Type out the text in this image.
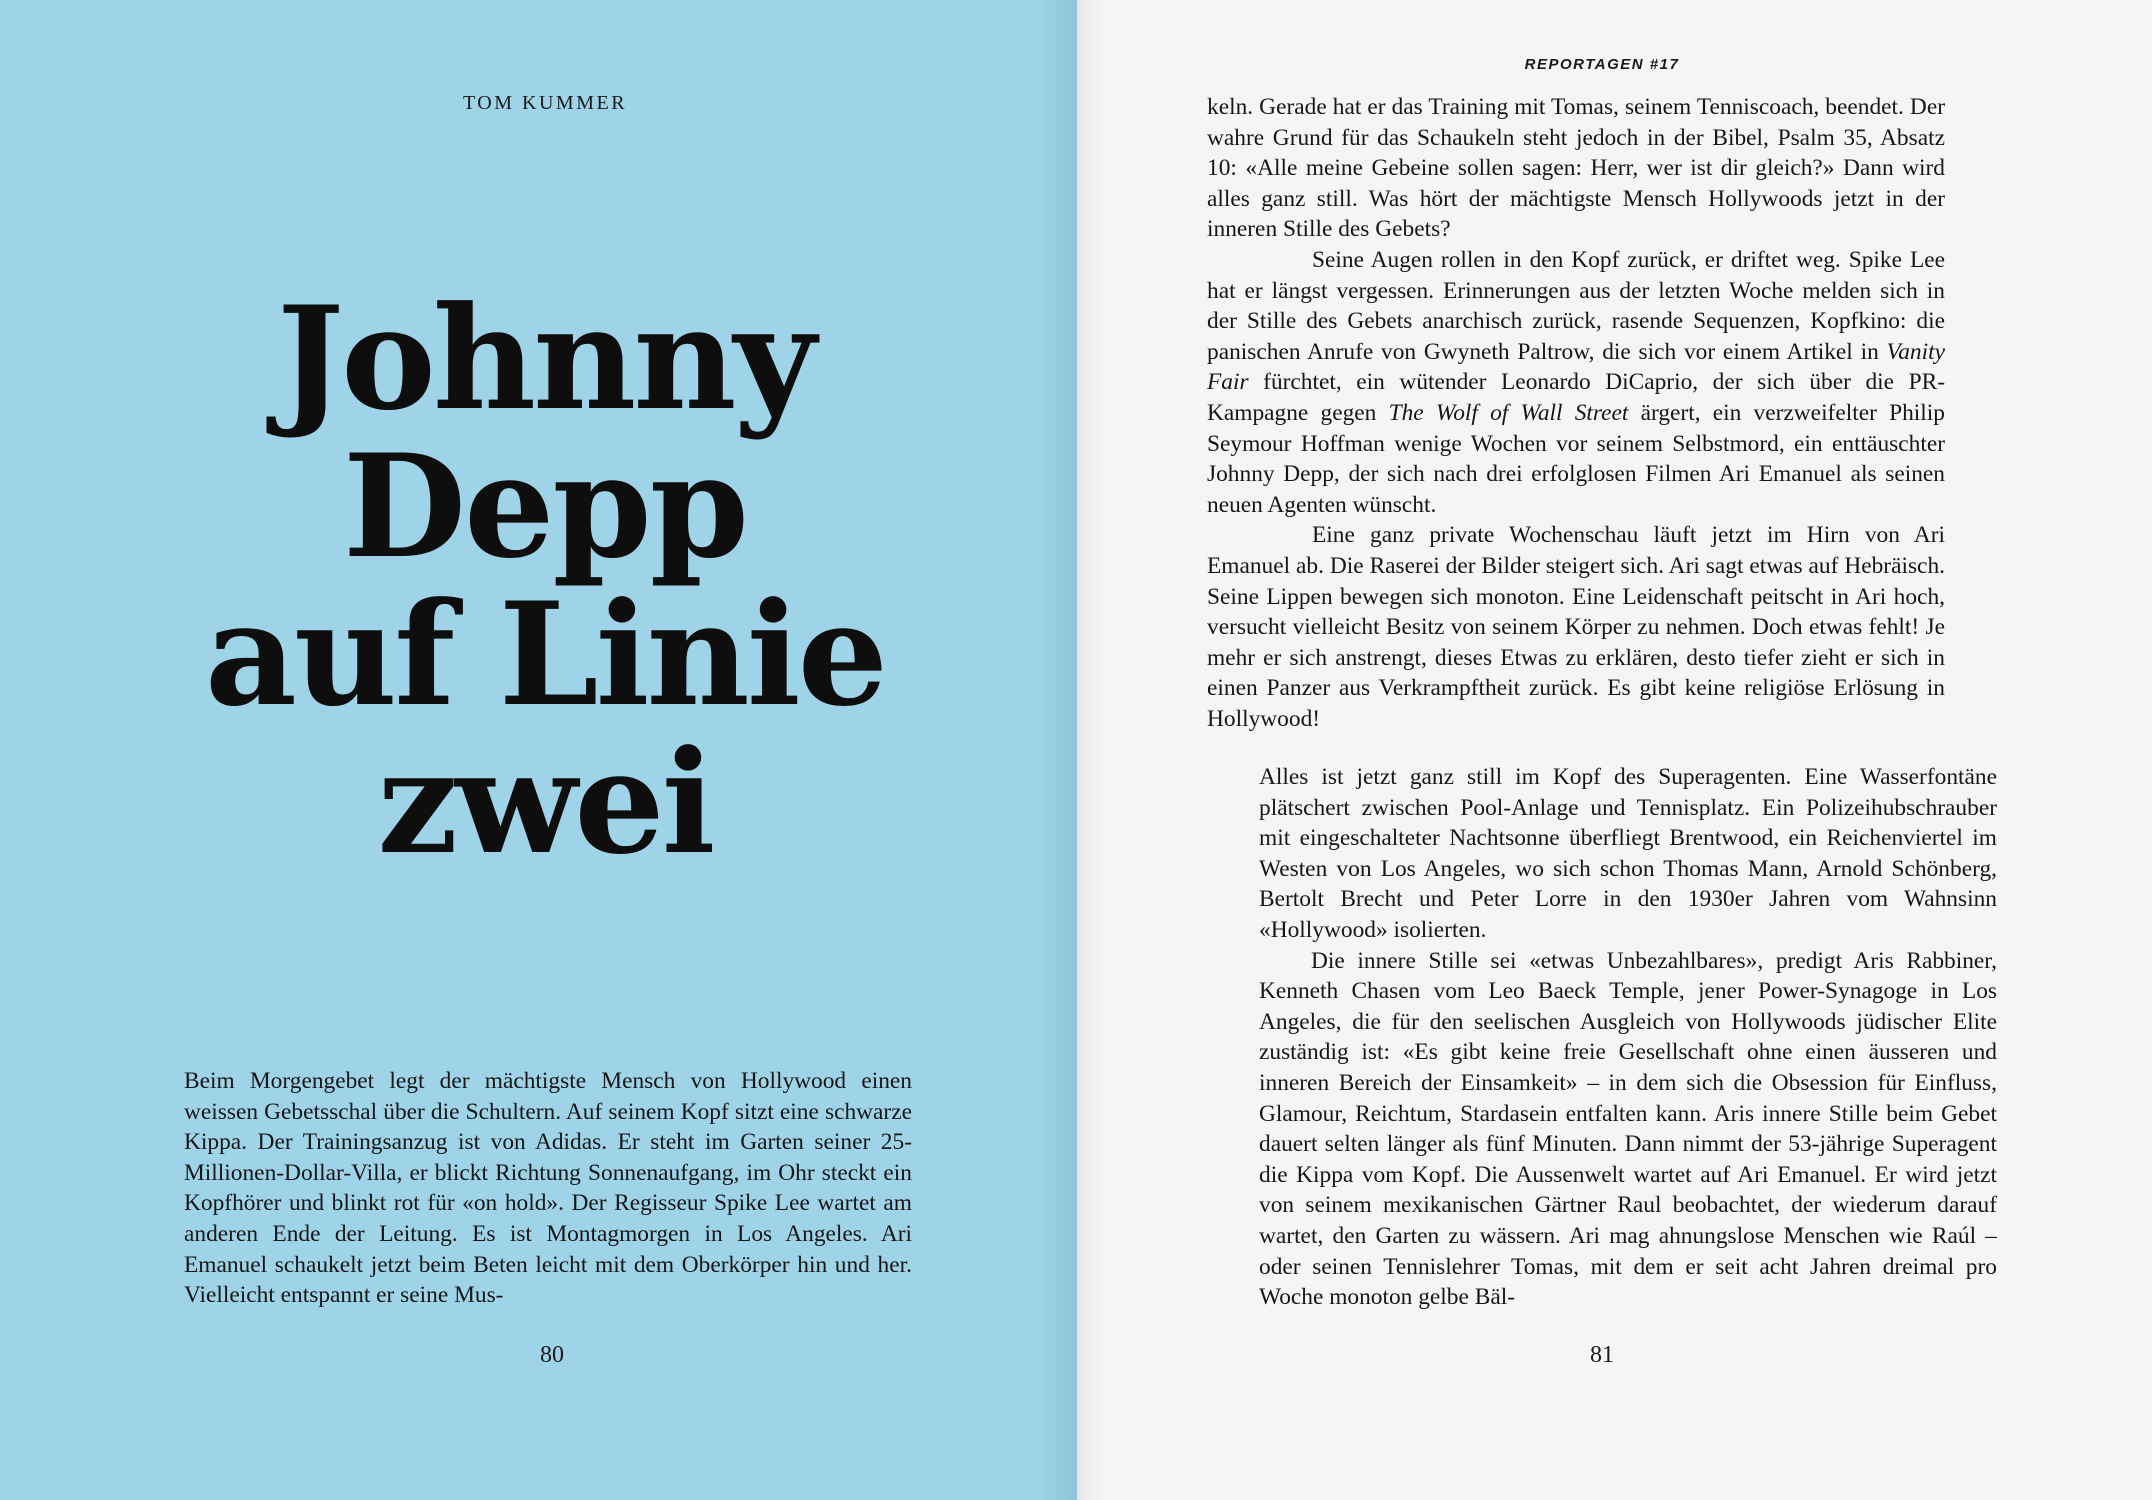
TOM KUMMER
Johnny
Depp
auf Linie
zwei

Beim Morgengebet legt der mächtigste Mensch von Hollywood einen weissen Gebetsschal über die Schultern. Auf seinem Kopf sitzt eine schwarze Kippa. Der Trainingsanzug ist von Adidas. Er steht im Garten seiner 25-Millionen-Dollar-Villa, er blickt Richtung Sonnenaufgang, im Ohr steckt ein Kopfhörer und blinkt rot für «on hold». Der Regisseur Spike Lee wartet am anderen Ende der Leitung. Es ist Montagmorgen in Los Angeles. Ari Emanuel schaukelt jetzt beim Beten leicht mit dem Oberkörper hin und her. Vielleicht entspannt er seine Mus-

80
REPORTAGEN #17

keln. Gerade hat er das Training mit Tomas, seinem Tenniscoach, beendet. Der wahre Grund für das Schaukeln steht jedoch in der Bibel, Psalm 35, Absatz 10: «Alle meine Gebeine sollen sagen: Herr, wer ist dir gleich?» Dann wird alles ganz still. Was hört der mächtigste Mensch Hollywoods jetzt in der inneren Stille des Gebets?

Seine Augen rollen in den Kopf zurück, er driftet weg. Spike Lee hat er längst vergessen. Erinnerungen aus der letzten Woche melden sich in der Stille des Gebets anarchisch zurück, rasende Sequenzen, Kopfkino: die panischen Anrufe von Gwyneth Paltrow, die sich vor einem Artikel in Vanity Fair fürchtet, ein wütender Leonardo DiCaprio, der sich über die PR-Kampagne gegen The Wolf of Wall Street ärgert, ein verzweifelter Philip Seymour Hoffman wenige Wochen vor seinem Selbstmord, ein enttäuschter Johnny Depp, der sich nach drei erfolglosen Filmen Ari Emanuel als seinen neuen Agenten wünscht.

Eine ganz private Wochenschau läuft jetzt im Hirn von Ari Emanuel ab. Die Raserei der Bilder steigert sich. Ari sagt etwas auf Hebräisch. Seine Lippen bewegen sich monoton. Eine Leidenschaft peitscht in Ari hoch, versucht vielleicht Besitz von seinem Körper zu nehmen. Doch etwas fehlt! Je mehr er sich anstrengt, dieses Etwas zu erklären, desto tiefer zieht er sich in einen Panzer aus Verkrampftheit zurück. Es gibt keine religiöse Erlösung in Hollywood!

Alles ist jetzt ganz still im Kopf des Superagenten. Eine Wasserfontäne plätschert zwischen Pool-Anlage und Tennisplatz. Ein Polizeihubschrauber mit eingeschalteter Nachtsonne überfliegt Brentwood, ein Reichenviertel im Westen von Los Angeles, wo sich schon Thomas Mann, Arnold Schönberg, Bertolt Brecht und Peter Lorre in den 1930er Jahren vom Wahnsinn «Hollywood» isolierten.

Die innere Stille sei «etwas Unbezahlbares», predigt Aris Rabbiner, Kenneth Chasen vom Leo Baeck Temple, jener Power-Synagoge in Los Angeles, die für den seelischen Ausgleich von Hollywoods jüdischer Elite zuständig ist: «Es gibt keine freie Gesellschaft ohne einen äusseren und inneren Bereich der Einsamkeit» – in dem sich die Obsession für Einfluss, Glamour, Reichtum, Stardasein entfalten kann. Aris innere Stille beim Gebet dauert selten länger als fünf Minuten. Dann nimmt der 53-jährige Superagent die Kippa vom Kopf. Die Aussenwelt wartet auf Ari Emanuel. Er wird jetzt von seinem mexikanischen Gärtner Raul beobachtet, der wiederum darauf wartet, den Garten zu wässern. Ari mag ahnungslose Menschen wie Raúl – oder seinen Tennislehrer Tomas, mit dem er seit acht Jahren dreimal pro Woche monoton gelbe Bäl-

81
